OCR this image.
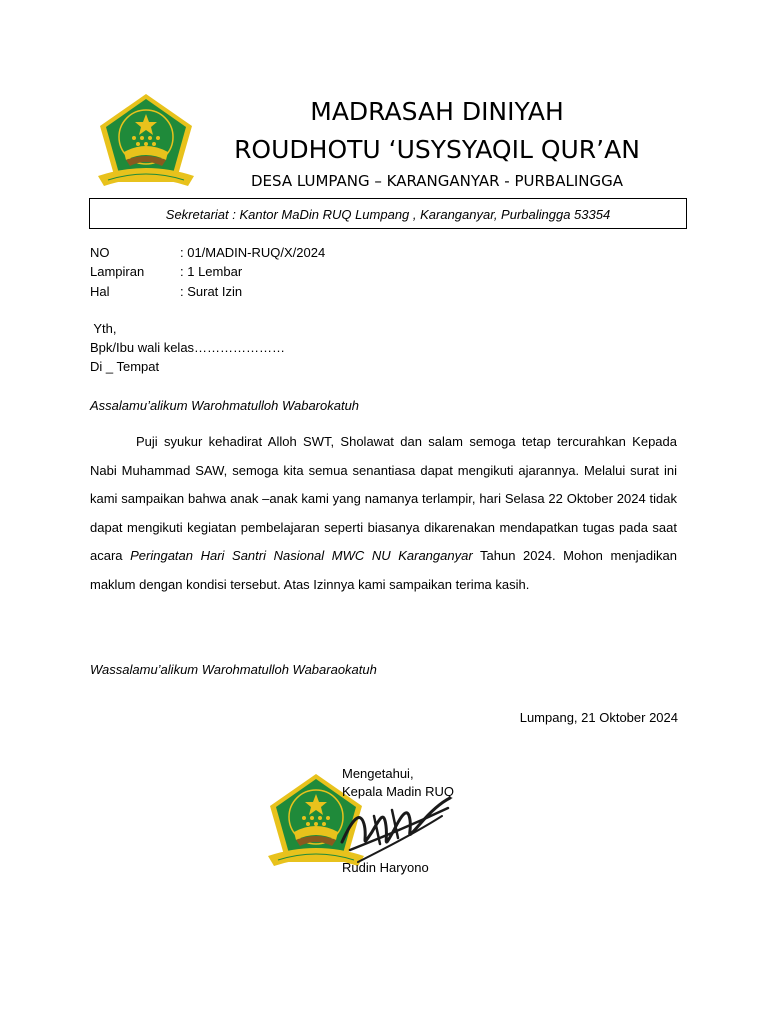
MADRASAH DINIYAH
ROUDHOTU ‘USYSYAQIL QUR’AN
DESA LUMPANG – KARANGANYAR - PURBALINGGA
Sekretariat : Kantor MaDin RUQ Lumpang , Karanganyar, Purbalingga 53354
NO	: 01/MADIN-RUQ/X/2024
Lampiran	: 1 Lembar
Hal	: Surat Izin
Yth,
Bpk/Ibu wali kelas…………………
Di _ Tempat
Assalamu’alikum Warohmatulloh Wabarokatuh
Puji syukur kehadirat Alloh SWT, Sholawat dan salam semoga tetap tercurahkan Kepada Nabi Muhammad SAW, semoga kita semua senantiasa dapat mengikuti ajarannya. Melalui surat ini kami sampaikan bahwa anak –anak kami yang namanya terlampir, hari Selasa 22 Oktober 2024 tidak dapat mengikuti kegiatan pembelajaran seperti biasanya dikarenakan mendapatkan tugas pada saat acara Peringatan Hari Santri Nasional MWC NU Karanganyar Tahun 2024. Mohon menjadikan maklum dengan kondisi tersebut. Atas Izinnya kami sampaikan terima kasih.
Wassalamu’alikum Warohmatulloh Wabaraokatuh
Lumpang, 21 Oktober 2024
Mengetahui,
Kepala Madin RUQ
Rudin Haryono
